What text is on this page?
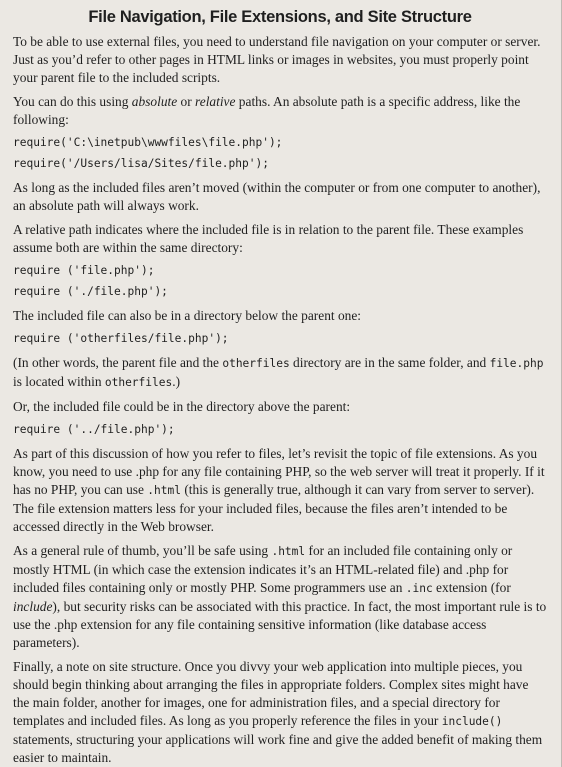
File Navigation, File Extensions, and Site Structure

To be able to use external files, you need to understand file navigation on your computer or server. Just as you’d refer to other pages in HTML links or images in websites, you must properly point your parent file to the included scripts.

You can do this using absolute or relative paths. An absolute path is a specific address, like the following:

require('C:\inetpub\wwwfiles\file.php');
require('/Users/lisa/Sites/file.php');

As long as the included files aren’t moved (within the computer or from one computer to another), an absolute path will always work.

A relative path indicates where the included file is in relation to the parent file. These examples assume both are within the same directory:

require ('file.php');
require ('./file.php');

The included file can also be in a directory below the parent one:

require ('otherfiles/file.php');

(In other words, the parent file and the otherfiles directory are in the same folder, and file.php is located within otherfiles.)

Or, the included file could be in the directory above the parent:

require ('../file.php');

As part of this discussion of how you refer to files, let’s revisit the topic of file extensions. As you know, you need to use .php for any file containing PHP, so the web server will treat it properly. If it has no PHP, you can use .html (this is generally true, although it can vary from server to server). The file extension matters less for your included files, because the files aren’t intended to be accessed directly in the Web browser.

As a general rule of thumb, you’ll be safe using .html for an included file containing only or mostly HTML (in which case the extension indicates it’s an HTML-related file) and .php for included files containing only or mostly PHP. Some programmers use an .inc extension (for include), but security risks can be associated with this practice. In fact, the most important rule is to use the .php extension for any file containing sensitive information (like database access parameters).

Finally, a note on site structure. Once you divvy your web application into multiple pieces, you should begin thinking about arranging the files in appropriate folders. Complex sites might have the main folder, another for images, one for administration files, and a special directory for templates and included files. As long as you properly reference the files in your include() statements, structuring your applications will work fine and give the added benefit of making them easier to maintain.
